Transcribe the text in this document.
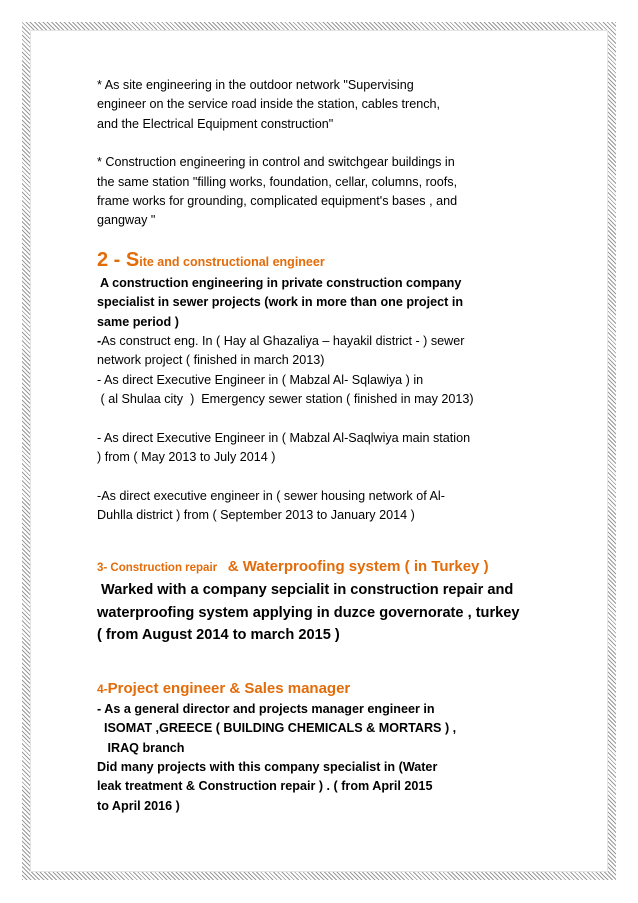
* As site engineering in the outdoor network "Supervising

engineer on the service road inside the station, cables trench,

and the Electrical Equipment construction"

* Construction engineering in control and switchgear buildings in

the same station "filling works, foundation, cellar, columns, roofs,

frame works for grounding, complicated equipment's bases , and

gangway "

2 - Site and constructional engineer

A construction engineering in private construction company

specialist in sewer projects (work in more than one project in

same period )

-As construct eng. In ( Hay al Ghazaliya – hayakil district - ) sewer

network project ( finished in march 2013)

- As direct Executive Engineer in ( Mabzal Al- Sqlawiya ) in

( al Shulaa city  )  Emergency sewer station ( finished in may 2013)

- As direct Executive Engineer in ( Mabzal Al-Saqlwiya main station

) from ( May 2013 to July 2014 )

-As direct executive engineer in ( sewer housing network of Al-

Duhlla district ) from ( September 2013 to January 2014 )

3- Construction repair   & Waterproofing system ( in Turkey )

Warked with a company sepcialit in construction repair and

waterproofing system applying in duzce governorate , turkey

( from August 2014 to march 2015 )

4-Project engineer & Sales manager

- As a general director and projects manager engineer in

ISOMAT ,GREECE ( BUILDING CHEMICALS & MORTARS ) ,

IRAQ branch

Did many projects with this company specialist in (Water

leak treatment & Construction repair ) . ( from April 2015

to April 2016 )
